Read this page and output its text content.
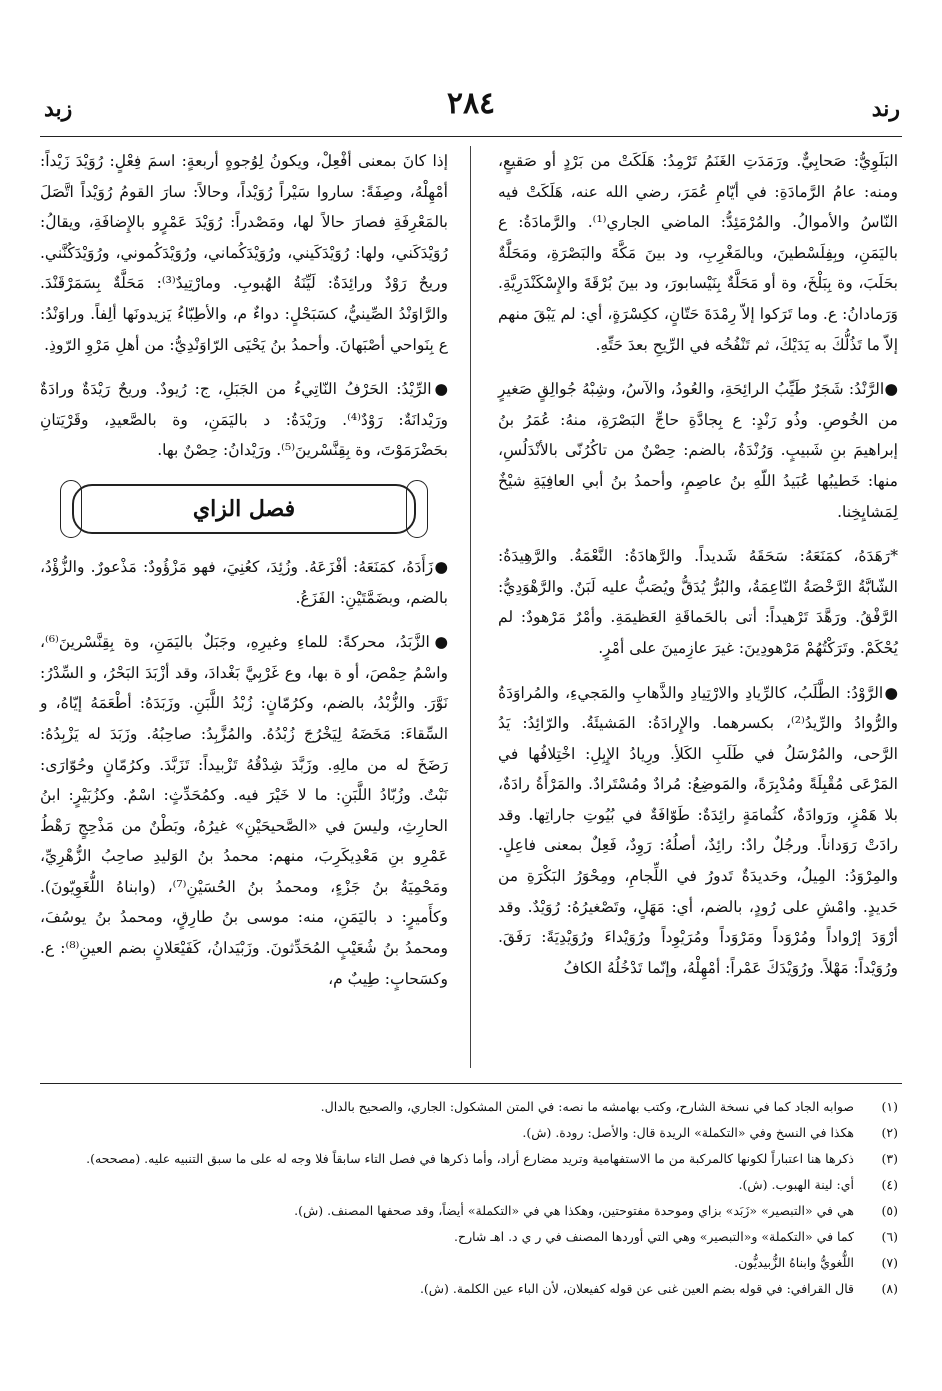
رند
٢٨٤
زبد

البَلَوِيُّ: صَحابِيٌّ. ورَمَدَتِ الغَنَمُ تَرْمِدُ: هَلَكَتْ من بَرْدٍ أو صَقيعٍ، ومنه: عامُ الرَّمادَةِ: في أيّامِ عُمَرَ، رضي الله عنه، هَلَكَتْ فيه النّاسُ والأموالُ. والمُرْمَئِدُّ: الماضي الجاري⁽¹⁾. والرَّمادَةُ: ع باليَمَنِ، وبِفِلَسْطينَ، وبالمَغْرِبِ، ود بينَ مَكَّةَ والبَصْرَةِ، ومَحَلَّةٌ بحَلَبَ، وة بِبَلْخَ، وة أو مَحَلَّةٌ بِنَيْسابورَ، ود بينَ بُرْقَةَ والإِسْكَنْدَرِيَّةِ. وَرَمادانُ: ع. وما تَرَكوا إلاّ رِمْدَةَ حَتّانٍ، ككِسْرَةٍ، أي: لم يَبْقَ منهم إلاّ ما تَذُلُّكَ به يَدَيْكَ، ثم تَنْفُخُه في الرِّيحِ بعدَ حَتِّهِ.

●الرَّنْدُ: شَجَرٌ طَيِّبُ الرائِحَةِ، والعُودُ، والآسُ، وشِبْهُ جُوالِقٍ صَغيرٍ من الخُوصِ. وذُو رَنْدٍ: ع بِجادَّةِ حاجِّ البَصْرَةِ، منهُ: عُمَرُ بنُ إبراهيمَ بنِ شَبيبٍ. وَرُنْدَةُ، بالضم: حِصْنٌ من تاكُرُنّى بالأنْدَلُسِ، منها: خَطيبُها عُبَيدُ اللّهِ بنُ عاصِمٍ، وأحمدُ بنُ أبي العافِيَةِ شيْخٌ لِمَشايِخِنا.

*رَهَدَهُ، كمَنَعَهُ: سَحَقَهُ شَديداً. والرَّهادَةُ: النَّعْمَةُ. والرَّهِيدَةُ: الشّابَّةُ الرَّخْصَةُ النّاعِمَةُ، والبُرُّ يُدَقُّ ويُصَبُّ عليه لَبَنٌ. والرَّهْوَدِيُّ: الرَّفْقُ. ورَهَّدَ تَرْهيداً: أتى بالحَماقَةِ العَظيمَةِ. وأمْرٌ مَرْهودٌ: لم يُحْكَمْ. وتَرَكْتُهُمْ مَرْهودِينَ: غيرَ عازِمينَ على أمْرٍ.

●الرَّوْدُ: الطَّلَبُ، كالرِّيادِ والارْتِيادِ والذَّهابِ والمَجيءِ، والمُراوَدَةُ والرُّوادُ والرِّيدُ⁽²⁾، بكسرهما. والإِرادَةُ: المَشيئَةُ. والرّائِدُ: يَدُ الرَّحى، والمُرْسَلُ في طَلَبِ الكَلأِ. ورِيادُ الإِبِلِ: اخْتِلافُها في المَرْعَى مُقْبِلَةً ومُدْبِرَةً، والمَوضِعُ: مُرادٌ ومُسْتَرادٌ. والمَرْأَةُ رادَةٌ، بلا هَمْزٍ، ورَوادَةٌ، كثُمامَةٍ رائِدَةٌ: طَوّافَةٌ في بُيُوتِ جاراتِها. وقد رادَتْ رَوَداناً. ورجُلٌ رادٌ: رائِدٌ، أصلُهُ: رَوِدٌ، فَعِلٌ بمعنى فاعِلٍ. والمِرْوَدُ: المِيلُ، وحَديدَةٌ تَدورُ في اللِّجامِ، ومِحْوَرُ البَكْرَةِ من حَديدٍ. وامْشِ على رُودٍ، بالضم، أي: مَهَلٍ، وتَصْغيرُهُ: رُوَيْدٌ. وقد أرْوَدَ إرْواداً ومُرْوَداً ومَرْوَداً ومُرَيْوِداً ورُوَيْداءَ ورُوَيْدِيَةً: رَفَقَ. ورُوَيْداً: مَهْلاً. ورُوَيْدَكَ عَمْراً: أمْهِلْهُ، وإنّما تَدْخُلُهُ الكافُ

إذا كانَ بمعنى أفْعِلْ، ويكونُ لِوُجوهٍ أربعةٍ: اسمَ فِعْلٍ: رُوَيْدَ زَيْداً: أمْهِلْهُ، وصِفَةً: ساروا سَيْراً رُوَيْداً، وحالاً: سارَ القومُ رُوَيْداً اتَّصَلَ بالمَعْرِفَةِ فصارَ حالاً لها، ومَصْدراً: رُوَيْدَ عَمْرٍو بالإِضافَةِ، ويقالُ: رُوَيْدَكَني، ولها: رُوَيْدَكَيني، ورُوَيْدَكُماني، ورُوَيْدَكُموني، ورُوَيْدَكُنَّني. وريحٌ رَوْدٌ ورائِدَةٌ: لَيِّنَةُ الهُبوبِ. ومارْتِيدٌ⁽³⁾: مَحَلَّةٌ بِسَمَرْقَنْدَ. والرَّاوَنْدُ الصِّينيُّ، كسَبَحْلٍ: دواءٌ م، والأطِبّاءُ يَزيدونَها ألِفاً. وراوَنْدُ: ع بِنَواحي أصْبَهانَ. وأحمدُ بنُ يَحْيَى الرّاوَنْدِيُّ: من أهلِ مَرْوِ الرّوذِ.

●الرِّيْدُ: الحَرْفُ النّاتِيءُ من الجَبَلِ، ج: رُيودٌ. وريحٌ رَيْدَةٌ ورادَةٌ ورَيْدانَةٌ: رَوْدٌ⁽⁴⁾. ورَيْدَةُ: د باليَمَنِ، وة بالصَّعيدِ، وقَرْيَتانِ بحَضْرَمَوْتَ، وة بِقِنَّسْرينَ⁽⁵⁾. ورَيْدانُ: حِصْنٌ بها.

فصل الزاي

●زَأَدَهُ، كمَنَعَهُ: أفْزَعَهُ. وزُئِدَ، كعُنِيَ، فهو مَزْؤُودٌ: مَذْعورٌ. والزُّؤْدُ، بالضم، وبضَمَّتَيْنِ: الفَزَعُ.

●الزَّبَدُ، محركةً: للماءِ وغيرِهِ، وجَبَلٌ باليَمَنِ، وة بِقِنَّسْرينَ⁽⁶⁾، واسْمُ حِمْصَ، أو ة بها، وع غَرْبِيَّ بَغْدادَ، وقد أزْبَدَ البَحْرُ، و السِّدْرُ: نَوَّرَ. والزُّبْدُ، بالضم، وكرُمّانٍ: زُبْدُ اللَّبَنِ. وزَبَدَهُ: أطْعَمَهُ إيّاهُ، و السِّقاءَ: مَخَضَهُ لِيَخْرُجَ زُبْدُهُ. والمُزَّبِدُ: صاحِبُهُ. وزَبَدَ له يَزْبِدُهُ: رَضَخَ له من مالِهِ. وزَبَّدَ شِدْقُهُ تَزْبيداً: تَزَبَّدَ. وكرُمّانٍ وحُوّارَى: نَبْتٌ. وزُبّادُ اللَّبَنِ: ما لا خَيْرَ فيه. وكمُحَدِّثٍ: اسْمٌ. وكزُبَيْرٍ: ابنُ الحارِثِ، وليسَ في «الصَّحيحَيْنِ» غيرُهُ، وبَطْنٌ من مَذْحِجٍ رَهْطُ عَمْرِو بنِ مَعْدِيكَرِبَ، منهم: محمدُ بنُ الوَليدِ صاحِبُ الزُّهْرِيِّ، ومَحْمِيَةُ بنُ جَزْءٍ، ومحمدُ بنُ الحُسَيْنِ⁽⁷⁾، (وابناهُ اللُّغَوِيّونَ). وكأَميرٍ: د باليَمَنِ، منه: موسى بنُ طارِقٍ، ومحمدُ بنُ يوسُفَ، ومحمدُ بنُ شُعَيْبٍ المُحَدِّثونَ. وزَبْيَدانُ، كَفَيْعَلانٍ بضم العينِ⁽⁸⁾: ع. وكسَحابٍ: طِيبٌ م،

(١)
صوابه الجاد كما في نسخة الشارح، وكتب بهامشه ما نصه: في المتن المشكول: الجاري، والصحيح بالدال.
(٢)
هكذا في النسخ وفي «التكملة» الريدة قال: والأصل: رودة. (ش).
(٣)
ذكرها هنا اعتباراً لكونها كالمركبة من ما الاستفهامية وتريد مضارع أراد، وأما ذكرها في فصل التاء سابقاً فلا وجه له على ما سبق التنبيه عليه. (مصححه).
(٤)
أي: لينة الهبوب. (ش).
(٥)
هي في «التبصير» «زَبَد» بزاي وموحدة مفتوحتين، وهكذا هي في «التكملة» أيضاً، وقد صحفها المصنف. (ش).
(٦)
كما في «التكملة» و«التبصير» وهي التي أوردها المصنف في ر ي د. اهـ شارح.
(٧)
اللُّغويُّ وابناهُ الزُّبيديُّون.
(٨)
قال القرافي: في قوله بضم العين غنى عن قوله كفيعلان، لأن الباء عين الكلمة. (ش).
